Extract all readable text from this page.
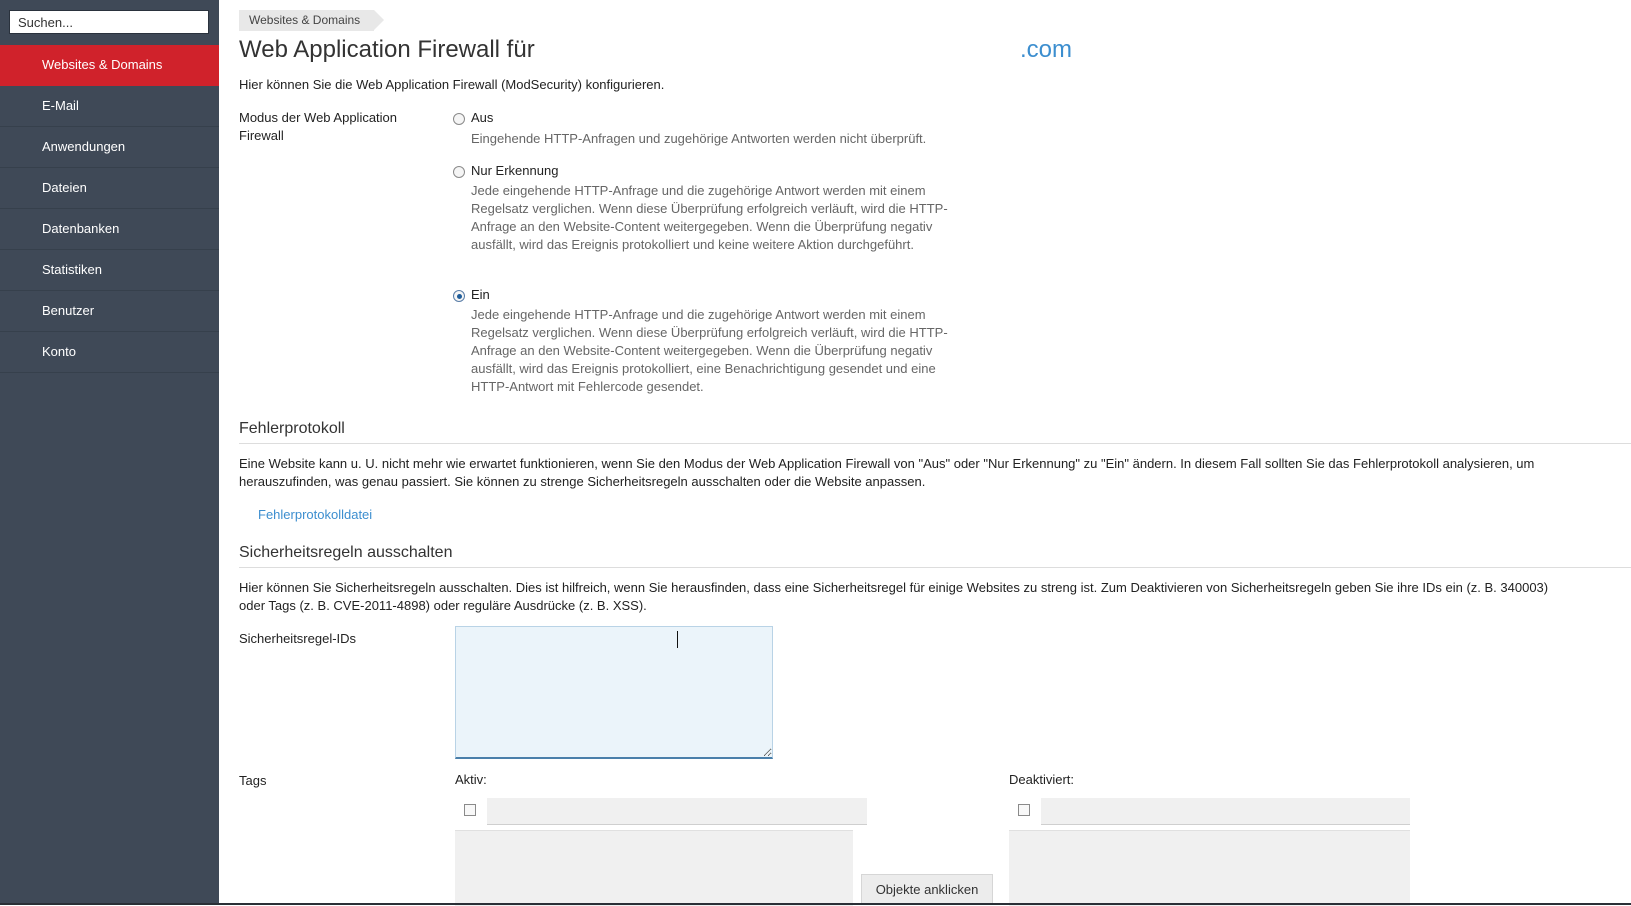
Suchen...
Websites & Domains
E-Mail
Anwendungen
Dateien
Datenbanken
Statistiken
Benutzer
Konto
Websites & Domains
Web Application Firewall für	.com
Hier können Sie die Web Application Firewall (ModSecurity) konfigurieren.
Modus der Web Application Firewall
Aus
Eingehende HTTP-Anfragen und zugehörige Antworten werden nicht überprüft.
Nur Erkennung
Jede eingehende HTTP-Anfrage und die zugehörige Antwort werden mit einem Regelsatz verglichen. Wenn diese Überprüfung erfolgreich verläuft, wird die HTTP-Anfrage an den Website-Content weitergegeben. Wenn die Überprüfung negativ ausfällt, wird das Ereignis protokolliert und keine weitere Aktion durchgeführt.
Ein
Jede eingehende HTTP-Anfrage und die zugehörige Antwort werden mit einem Regelsatz verglichen. Wenn diese Überprüfung erfolgreich verläuft, wird die HTTP-Anfrage an den Website-Content weitergegeben. Wenn die Überprüfung negativ ausfällt, wird das Ereignis protokolliert, eine Benachrichtigung gesendet und eine HTTP-Antwort mit Fehlercode gesendet.
Fehlerprotokoll
Eine Website kann u. U. nicht mehr wie erwartet funktionieren, wenn Sie den Modus der Web Application Firewall von "Aus" oder "Nur Erkennung" zu "Ein" ändern. In diesem Fall sollten Sie das Fehlerprotokoll analysieren, um herauszufinden, was genau passiert. Sie können zu strenge Sicherheitsregeln ausschalten oder die Website anpassen.
Fehlerprotokolldatei
Sicherheitsregeln ausschalten
Hier können Sie Sicherheitsregeln ausschalten. Dies ist hilfreich, wenn Sie herausfinden, dass eine Sicherheitsregel für einige Websites zu streng ist. Zum Deaktivieren von Sicherheitsregeln geben Sie ihre IDs ein (z. B. 340003) oder Tags (z. B. CVE-2011-4898) oder reguläre Ausdrücke (z. B. XSS).
Sicherheitsregel-IDs
Tags	Aktiv:	Deaktiviert:
Objekte anklicken
